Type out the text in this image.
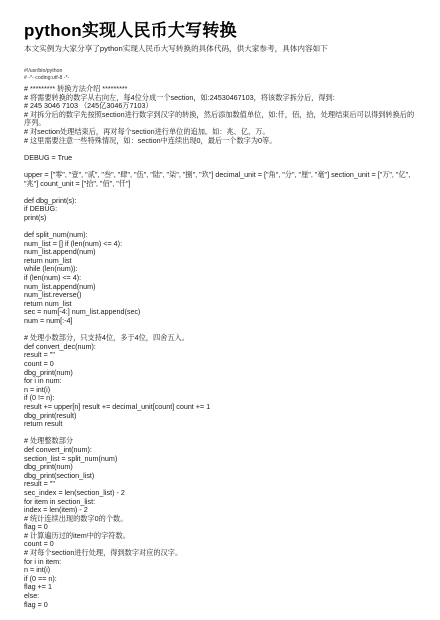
python实现人民币大写转换
本文实例为大家分享了python实现人民币大写转换的具体代码，供大家参考，具体内容如下
#!/usr/bin/python
# -*- coding:utf-8 -*-
# ********* 转换方法介绍 *********
# 将需要转换的数字从右向左，每4位分成一个section，如:24530467103，将该数字拆分后，得到:
# 245 3046 7103 （245亿3046万7103）
# 对拆分后的数字先按照section进行数字到汉字的转换，然后添加数值单位，如:仟，佰，拾，处理结束后可以得到转换后的序列。
# 对section处理结束后，再对每个section进行单位的追加。如：兆、亿、万。
# 这里需要注意一些特殊情况，如：section中连续出现0，最后一个数字为0等。
DEBUG = True
upper = ["零", "壹", "贰", "叁", "肆", "伍", "陆", "柒", "捌", "玖"] decimal_unit = ["角", "分", "厘", "毫"] section_unit = ["万", "亿", "兆"] count_unit = ["拾", "佰", "仟"]
def dbg_print(s):
if DEBUG:
print(s)
def split_num(num):
num_list = [] if (len(num) <= 4):
num_list.append(num)
return num_list
while (len(num)):
if (len(num) <= 4):
num_list.append(num)
num_list.reverse()
return num_list
sec = num[-4:] num_list.append(sec)
num = num[:-4]
# 处理小数部分，只支持4位，多于4位，四舍五入。
def convert_dec(num):
result = ""
count = 0
dbg_print(num)
for i in num:
n = int(i)
if (0 != n):
result += upper[n] result += decimal_unit[count] count += 1
dbg_print(result)
return result
# 处理整数部分
def convert_int(num):
section_list = split_num(num)
dbg_print(num)
dbg_print(section_list)
result = ""
sec_index = len(section_list) - 2
for item in section_list:
index = len(item) - 2
# 统计连续出现的数字0的个数。
flag = 0
# 计算遍历过的item中的字符数。
count = 0
# 对每个section进行处理，得到数字对应的汉字。
for i in item:
n = int(i)
if (0 == n):
flag += 1
else:
flag = 0
